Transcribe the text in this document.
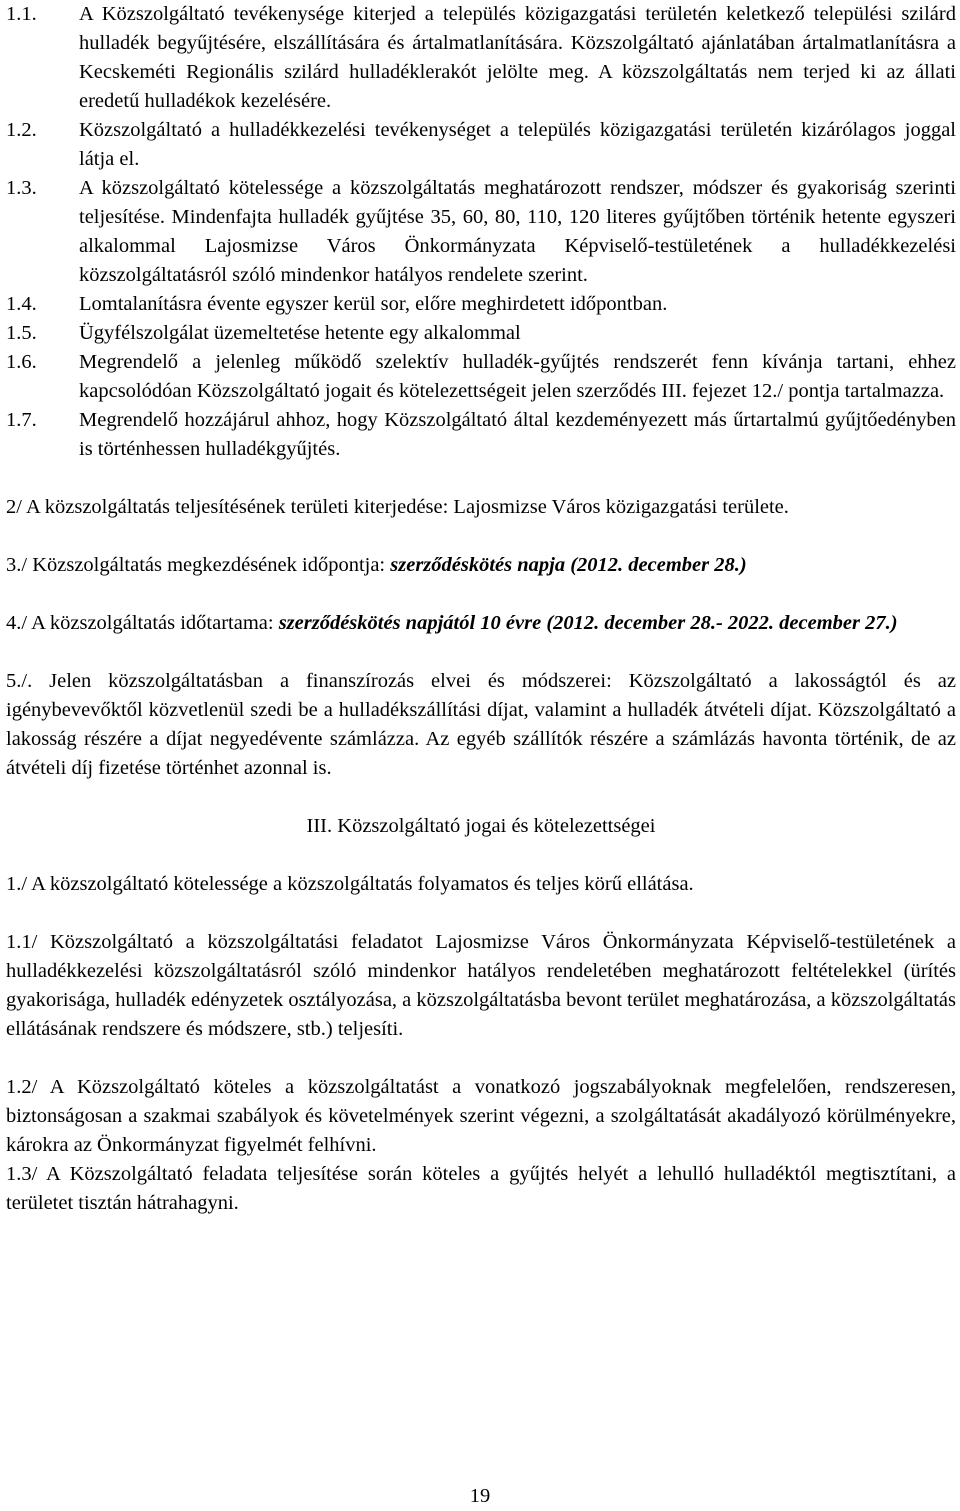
1.1. A Közszolgáltató tevékenysége kiterjed a település közigazgatási területén keletkező települési szilárd hulladék begyűjtésére, elszállítására és ártalmatlanítására. Közszolgáltató ajánlatában ártalmatlanításra a Kecskeméti Regionális szilárd hulladéklerakót jelölte meg. A közszolgáltatás nem terjed ki az állati eredetű hulladékok kezelésére.
1.2. Közszolgáltató a hulladékkezelési tevékenységet a település közigazgatási területén kizárólagos joggal látja el.
1.3. A közszolgáltató kötelessége a közszolgáltatás meghatározott rendszer, módszer és gyakoriság szerinti teljesítése. Mindenfajta hulladék gyűjtése 35, 60, 80, 110, 120 literes gyűjtőben történik hetente egyszeri alkalommal Lajosmizse Város Önkormányzata Képviselő-testületének a hulladékkezelési közszolgáltatásról szóló mindenkor hatályos rendelete szerint.
1.4. Lomtalanításra évente egyszer kerül sor, előre meghirdetett időpontban.
1.5. Ügyfélszolgálat üzemeltetése hetente egy alkalommal
1.6. Megrendelő a jelenleg működő szelektív hulladék-gyűjtés rendszerét fenn kívánja tartani, ehhez kapcsolódóan Közszolgáltató jogait és kötelezettségeit jelen szerződés III. fejezet 12./ pontja tartalmazza.
1.7. Megrendelő hozzájárul ahhoz, hogy Közszolgáltató által kezdeményezett más űrtartalmú gyűjtőedényben is történhessen hulladékgyűjtés.
2/ A közszolgáltatás teljesítésének területi kiterjedése: Lajosmizse Város közigazgatási területe.
3./ Közszolgáltatás megkezdésének időpontja: szerződéskötés napja (2012. december 28.)
4./ A közszolgáltatás időtartama: szerződéskötés napjától 10 évre (2012. december 28.- 2022. december 27.)
5./. Jelen közszolgáltatásban a finanszírozás elvei és módszerei: Közszolgáltató a lakosságtól és az igénybevevőktől közvetlenül szedi be a hulladékszállítási díjat, valamint a hulladék átvételi díjat. Közszolgáltató a lakosság részére a díjat negyedévente számlázza. Az egyéb szállítók részére a számlázás havonta történik, de az átvételi díj fizetése történhet azonnal is.
III. Közszolgáltató jogai és kötelezettségei
1./ A közszolgáltató kötelessége a közszolgáltatás folyamatos és teljes körű ellátása.
1.1/ Közszolgáltató a közszolgáltatási feladatot Lajosmizse Város Önkormányzata Képviselő-testületének a hulladékkezelési közszolgáltatásról szóló mindenkor hatályos rendeletében meghatározott feltételekkel (ürítés gyakorisága, hulladék edényzetek osztályozása, a közszolgáltatásba bevont terület meghatározása, a közszolgáltatás ellátásának rendszere és módszere, stb.) teljesíti.
1.2/ A Közszolgáltató köteles a közszolgáltatást a vonatkozó jogszabályoknak megfelelően, rendszeresen, biztonságosan a szakmai szabályok és követelmények szerint végezni, a szolgáltatását akadályozó körülményekre, károkra az Önkormányzat figyelmét felhívni.
1.3/ A Közszolgáltató feladata teljesítése során köteles a gyűjtés helyét a lehulló hulladéktól megtisztítani, a területet tisztán hátrahagyni.
19
